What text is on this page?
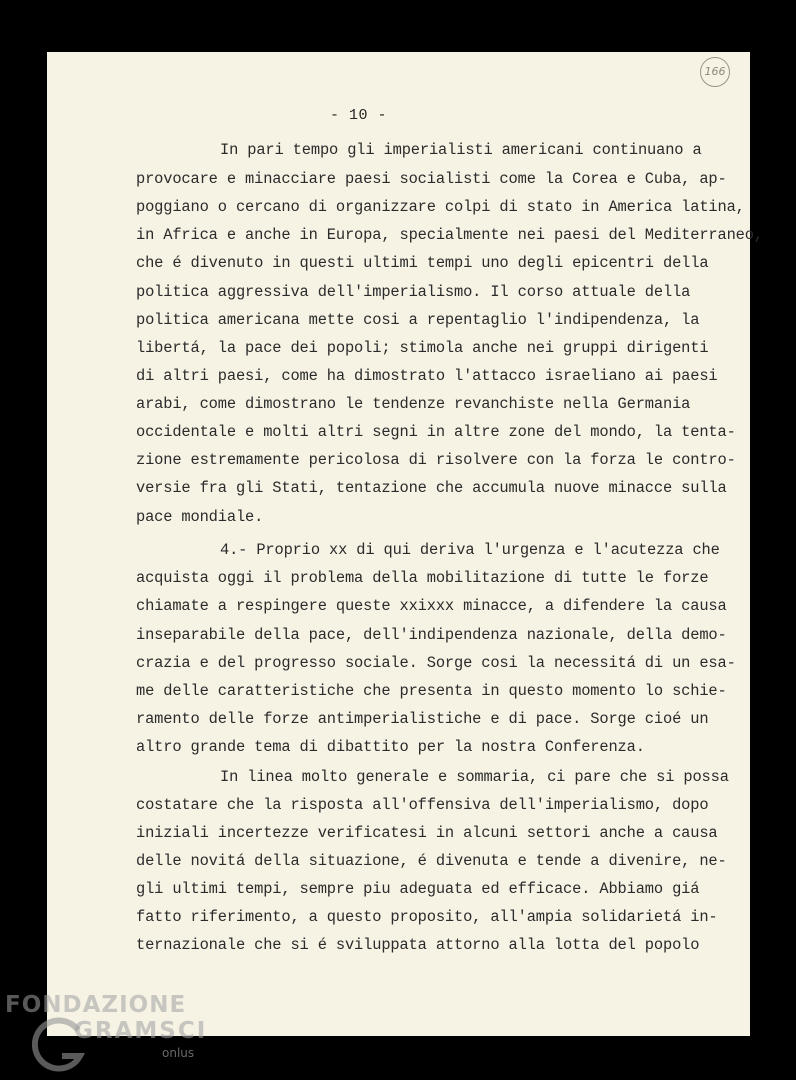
166
- 10 -
In pari tempo gli imperialisti americani continuano a
provocare e minacciare paesi socialisti come la Corea e Cuba, ap-
poggiano o cercano di organizzare colpi di stato in America latina,
in Africa e anche in Europa, specialmente nei paesi del Mediterraneo,
che é divenuto in questi ultimi tempi uno degli epicentri della
politica aggressiva dell'imperialismo. Il corso attuale della
politica americana mette cosi a repentaglio l'indipendenza, la
libertá, la pace dei popoli; stimola anche nei gruppi dirigenti
di altri paesi, come ha dimostrato l'attacco israeliano ai paesi
arabi, come dimostrano le tendenze revanchiste nella Germania
occidentale e molti altri segni in altre zone del mondo, la tenta-
zione estremamente pericolosa di risolvere con la forza le contro-
versie fra gli Stati, tentazione che accumula nuove minacce sulla
pace mondiale.
4.- Proprio xx di qui deriva l'urgenza e l'acutezza che
acquista oggi il problema della mobilitazione di tutte le forze
chiamate a respingere queste xxixxx minacce, a difendere la causa
inseparabile della pace, dell'indipendenza nazionale, della demo-
crazia e del progresso sociale. Sorge cosi la necessitá di un esa-
me delle caratteristiche che presenta in questo momento lo schie-
ramento delle forze antimperialistiche e di pace. Sorge cioé un
altro grande tema di dibattito per la nostra Conferenza.
In linea molto generale e sommaria, ci pare che si possa
costatare che la risposta all'offensiva dell'imperialismo, dopo
iniziali incertezze verificatesi in alcuni settori anche a causa
delle novitá della situazione, é divenuta e tende a divenire, ne-
gli ultimi tempi, sempre piu adeguata ed efficace. Abbiamo giá
fatto riferimento, a questo proposito, all'ampia solidarietá in-
ternazionale che si é sviluppata attorno alla lotta del popolo
FONDAZIONE
GRAMSCI
onlus
